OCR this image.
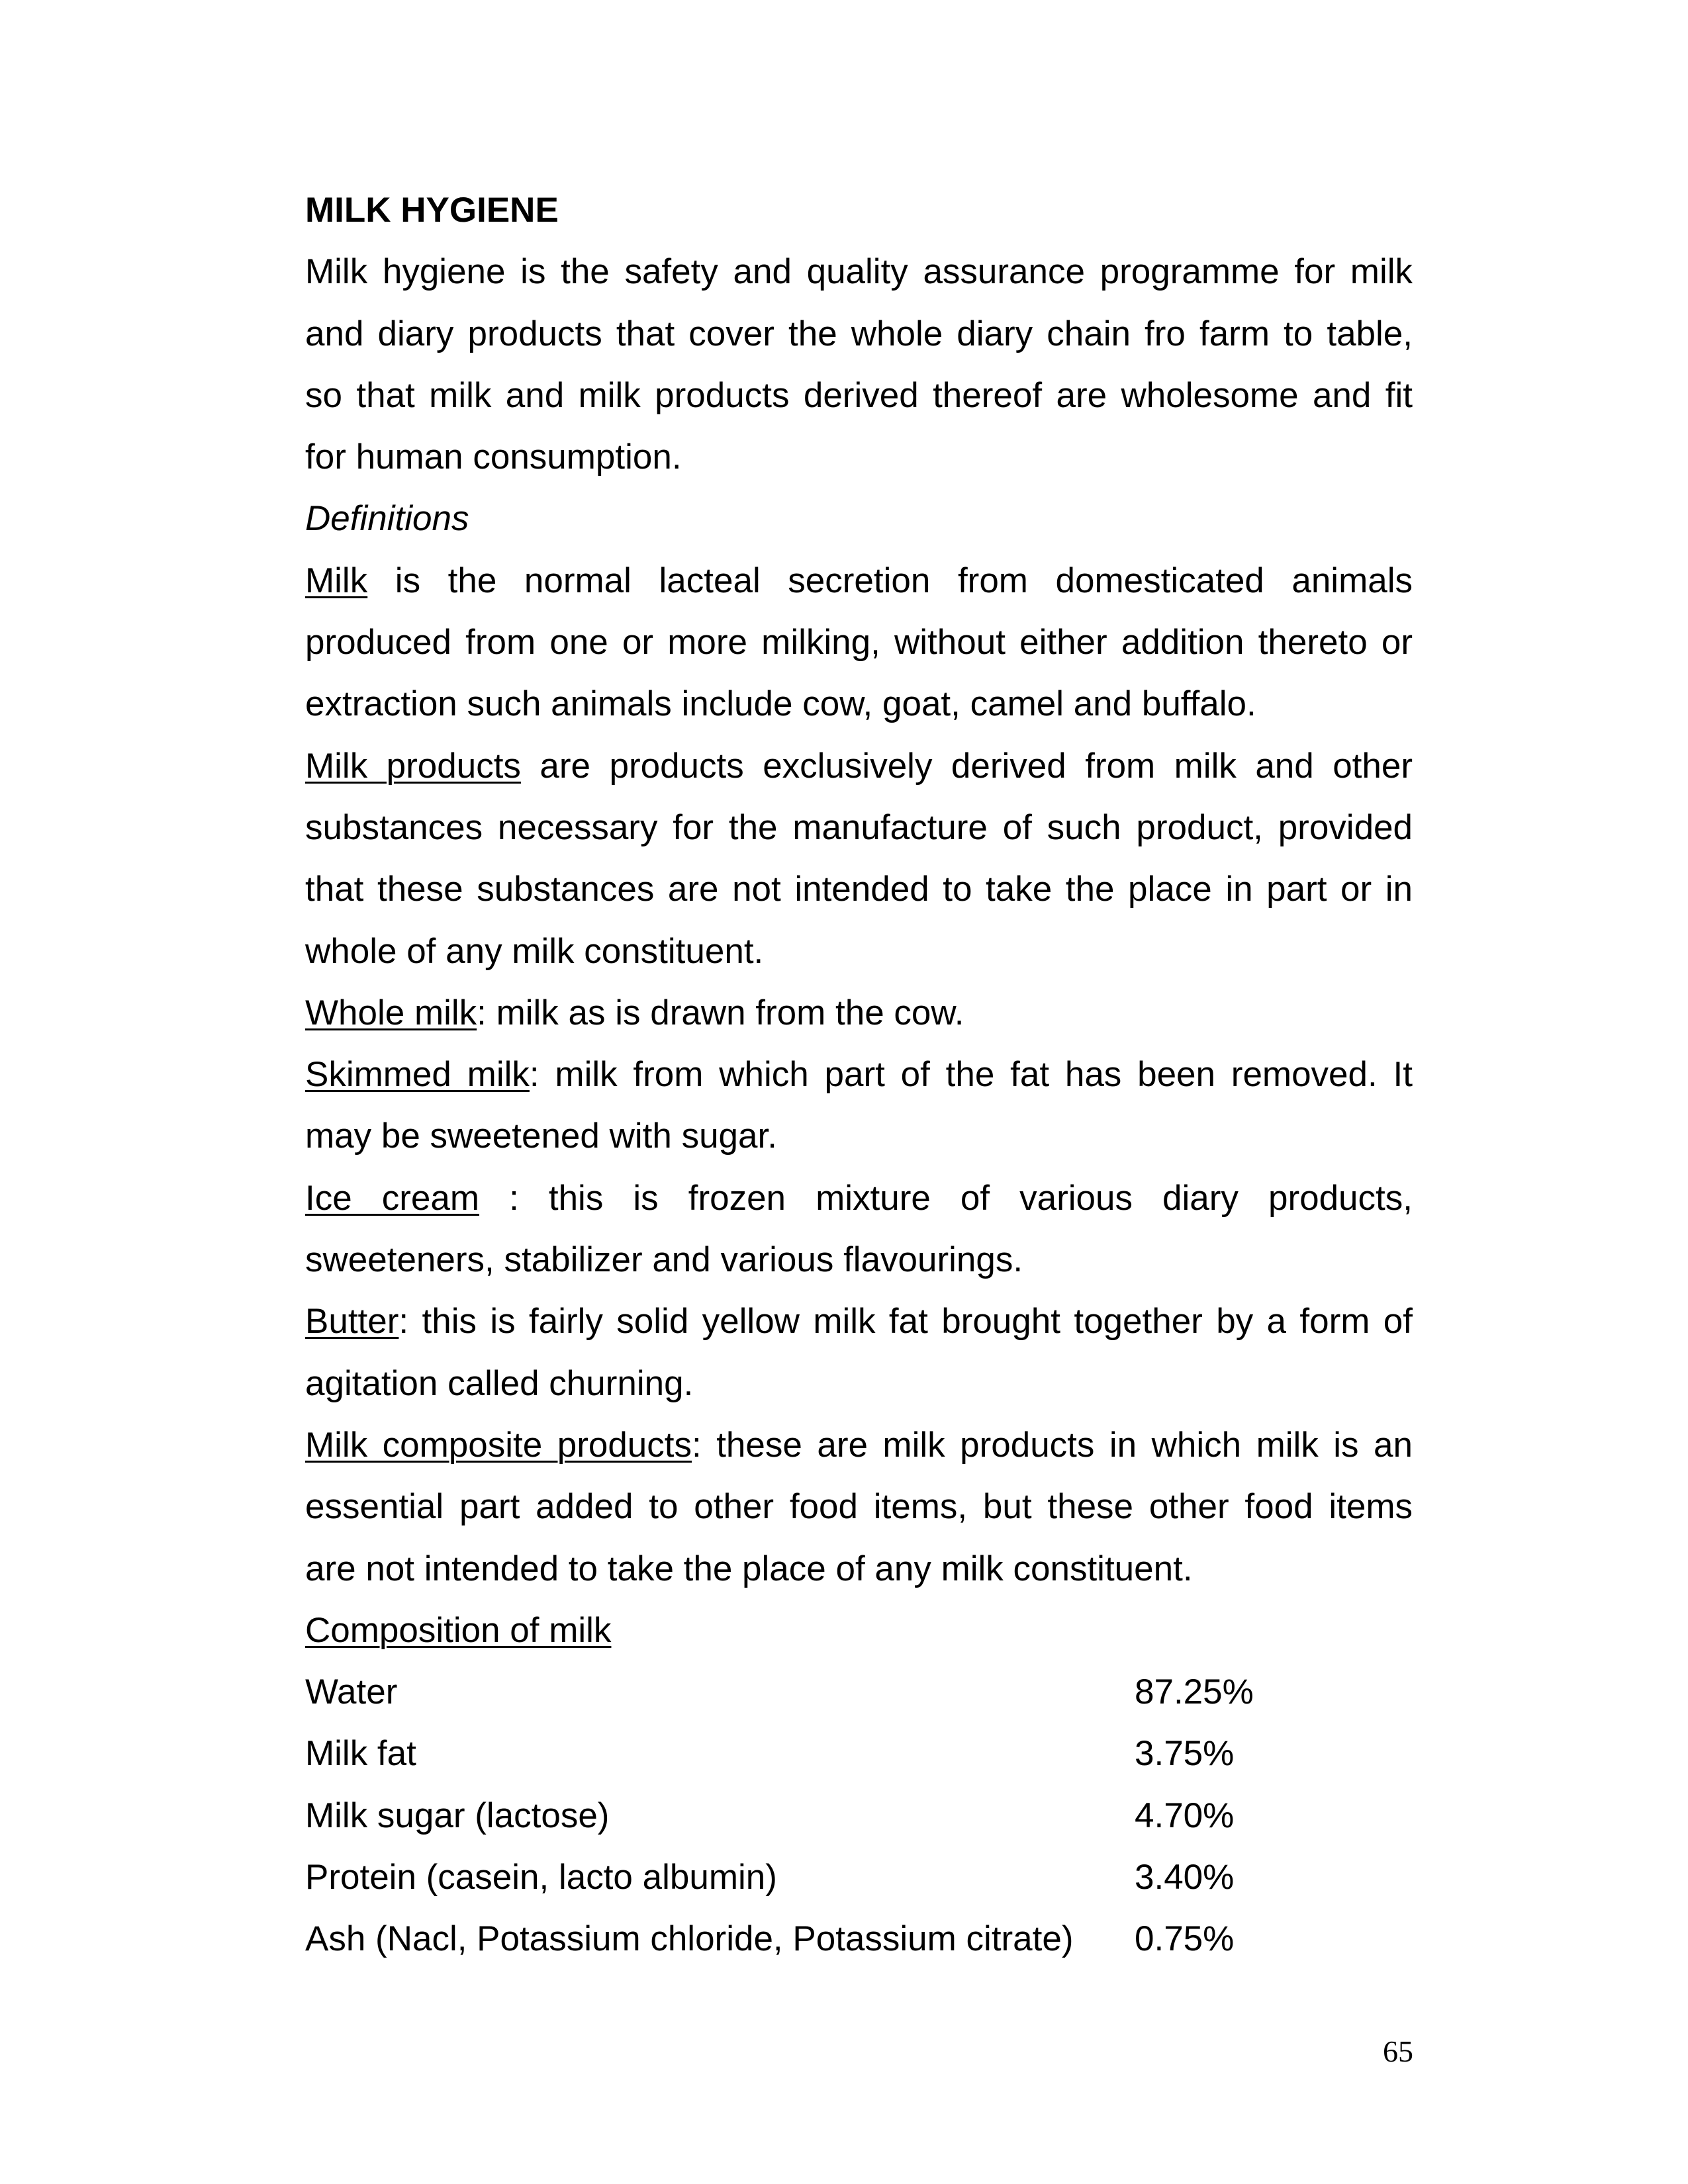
MILK HYGIENE
Milk hygiene is the safety and quality assurance programme for milk
and diary products that cover the whole diary chain fro farm to table,
so that milk and milk products derived thereof are wholesome and fit
for human consumption.
Definitions
Milk is the normal lacteal secretion from domesticated animals
produced from one or more milking, without either addition thereto or
extraction such animals include cow, goat, camel and buffalo.
Milk products are products exclusively derived from milk and other
substances necessary for the manufacture of such product, provided
that these substances are not intended to take the place in part or in
whole of any milk constituent.
Whole milk: milk as is drawn from the cow.
Skimmed milk: milk from which part of the fat has been removed. It
may be sweetened with sugar.
Ice cream : this is frozen mixture of various diary products,
sweeteners, stabilizer and various flavourings.
Butter: this is fairly solid yellow milk fat brought together by a form of
agitation called churning.
Milk composite products: these are milk products in which milk is an
essential part added to other food items, but these other food items
are not intended to take the place of any milk constituent.
Composition of milk
Water	87.25%
Milk fat	3.75%
Milk sugar (lactose)	4.70%
Protein (casein, lacto albumin)	3.40%
Ash (Nacl, Potassium chloride, Potassium citrate) 0.75%
65
